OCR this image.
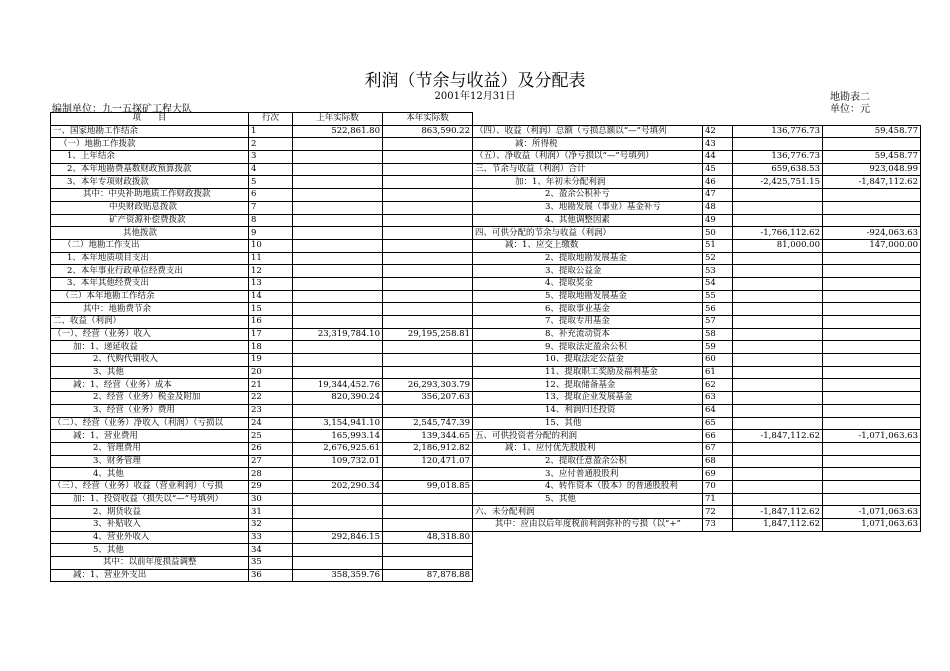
利润（节余与收益）及分配表
2001年12月31日	地勘表二
编制单位：九一五探矿工程大队	单位：元
项　　目	行次	上年实际数	本年实际数				
一、国家地勘工作结余	1	522,861.80	863,590.22	（四）、收益（利润）总额（亏损总额以“—”号填列	42	136,776.73	59,458.77
（一）地勘工作拨款	2			减：所得税	43		
1、上年结余	3			（五）、净收益（利润）（净亏损以“—”号填列）	44	136,776.73	59,458.77
2、本年地勘费基数财政预算拨款	4			三、节余与收益（利润）合计	45	659,638.53	923,048.99
3、本年专项财政拨款	5			加：1、年初未分配利润	46	-2,425,751.15	-1,847,112.62
其中：中央补助地质工作财政拨款	6			2、盈余公积补亏	47		
中央财政贴息拨款	7			3、地勘发展（事业）基金补亏	48		
矿产资源补偿费拨款	8			4、其他调整因素	49		
其他拨款	9			四、可供分配的节余与收益（利润）	50	-1,766,112.62	-924,063.63
（二）地勘工作支出	10			减：1、应交上缴数	51	81,000.00	147,000.00
1、本年地质项目支出	11			2、提取地勘发展基金	52		
2、本年事业行政单位经费支出	12			3、提取公益金	53		
3、本年其他经费支出	13			4、提取奖金	54		
（三）本年地勘工作结余	14			5、提取地勘发展基金	55		
其中：地勘费节余	15			6、提取事业基金	56		
二、收益（利润）	16			7、提取专用基金	57		
（一）、经营（业务）收入	17	23,319,784.10	29,195,258.81	8、补充流动资本	58		
加：1、递延收益	18			9、提取法定盈余公积	59		
2、代购代销收入	19			10、提取法定公益金	60		
3、其他	20			11、提取职工奖励及福利基金	61		
减：1、经营（业务）成本	21	19,344,452.76	26,293,303.79	12、提取储备基金	62		
2、经营（业务）税金及附加	22	820,390.24	356,207.63	13、提取企业发展基金	63		
3、经营（业务）费用	23			14、利润归还投资	64		
（二）、经营（业务）净收入（利润）（亏损以	24	3,154,941.10	2,545,747.39	15、其他	65		
减：1、营业费用	25	165,993.14	139,344.65	五、可供投资者分配的利润	66	-1,847,112.62	-1,071,063.63
2、管理费用	26	2,676,925.61	2,186,912.82	减：1、应付优先股股利	67		
3、财务管理	27	109,732.01	120,471.07	2、提取任意盈余公积	68		
4、其他	28			3、应付普通股股利	69		
（三）、经营（业务）收益（营业利润）（亏损	29	202,290.34	99,018.85	4、转作资本（股本）的普通股股利	70		
加：1、投资收益（损失以“—”号填列）	30			5、其他	71		
2、期货收益	31			六、未分配利润	72	-1,847,112.62	-1,071,063.63
3、补贴收入	32			其中：应由以后年度税前利润弥补的亏损（以“+”	73	1,847,112.62	1,071,063.63
4、营业外收入	33	292,846.15	48,318.80				
5、其他	34						
其中：以前年度损益调整	35						
减：1、营业外支出	36	358,359.76	87,878.88				
